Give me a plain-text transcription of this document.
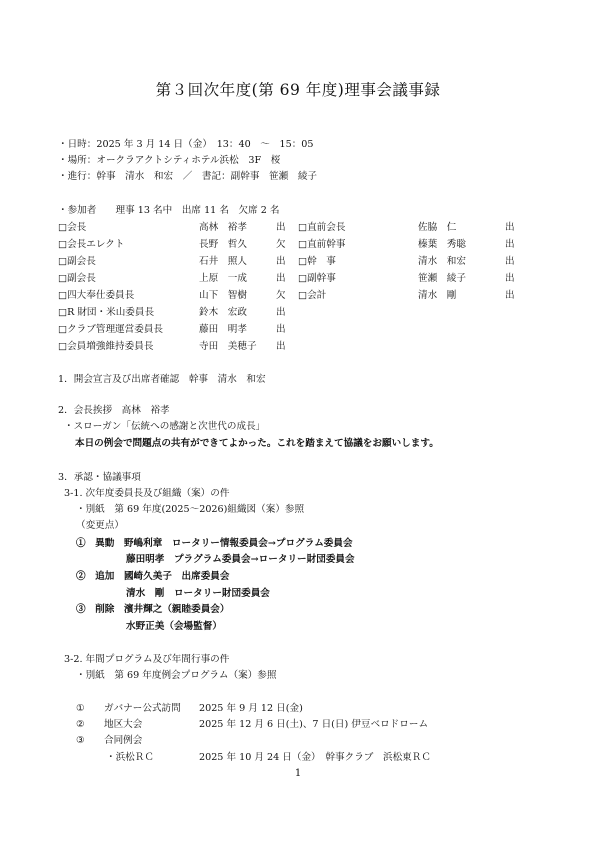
第３回次年度(第 69 年度)理事会議事録
・日時：2025 年 3 月 14 日（金）　13：40　～　15：05
・場所：オークラアクトシティホテル浜松　3F　桜
・進行：幹事　清水　和宏　／　書記：副幹事　笹瀬　綾子
・参加者　　理事 13 名中　出席 11 名　欠席 2 名
□会長	高林　裕孝	出
□会長エレクト	長野　哲久	欠
□副会長	石井　照人	出
□副会長	上原　一成	出
□四大奉仕委員長	山下　智樹	欠
□R 財団・米山委員長	鈴木　宏政	出
□クラブ管理運営委員長	藤田　明孝	出
□会員増強維持委員長	寺田　美穂子 出
□直前会長	佐脇　仁	出
□直前幹事	榛葉　秀聡	出
□幹　事	清水　和宏	出
□副幹事	笹瀬　綾子	出
□会計	清水　剛	出
1．開会宣言及び出席者確認　幹事　清水　和宏
2．会長挨拶　高林　裕孝
・スローガン「伝統への感謝と次世代の成長」
本日の例会で問題点の共有ができてよかった。これを踏まえて協議をお願いします。
3．承認・協議事項
3-1. 次年度委員長及び組織（案）の件
・別紙　第 69 年度(2025～2026)組織図（案）参照
（変更点）
①　異動　野嶋利章　ロータリー情報委員会→プログラム委員会
藤田明孝　プラグラム委員会→ロータリー財団委員会
②　追加　國崎久美子　出席委員会
清水　剛　ロータリー財団委員会
③　削除　濱井輝之（親睦委員会）
水野正美（会場監督）
3-2. 年間プログラム及び年間行事の件
・別紙　第 69 年度例会プログラム（案）参照
① ガバナー公式訪問 2025 年 9 月 12 日(金)
② 地区大会	2025 年 12 月 6 日(土)、7 日(日) 伊豆ベロドローム
③ 合同例会
・浜松ＲＣ	2025 年 10 月 24 日（金）　幹事クラブ　浜松東ＲＣ
1
